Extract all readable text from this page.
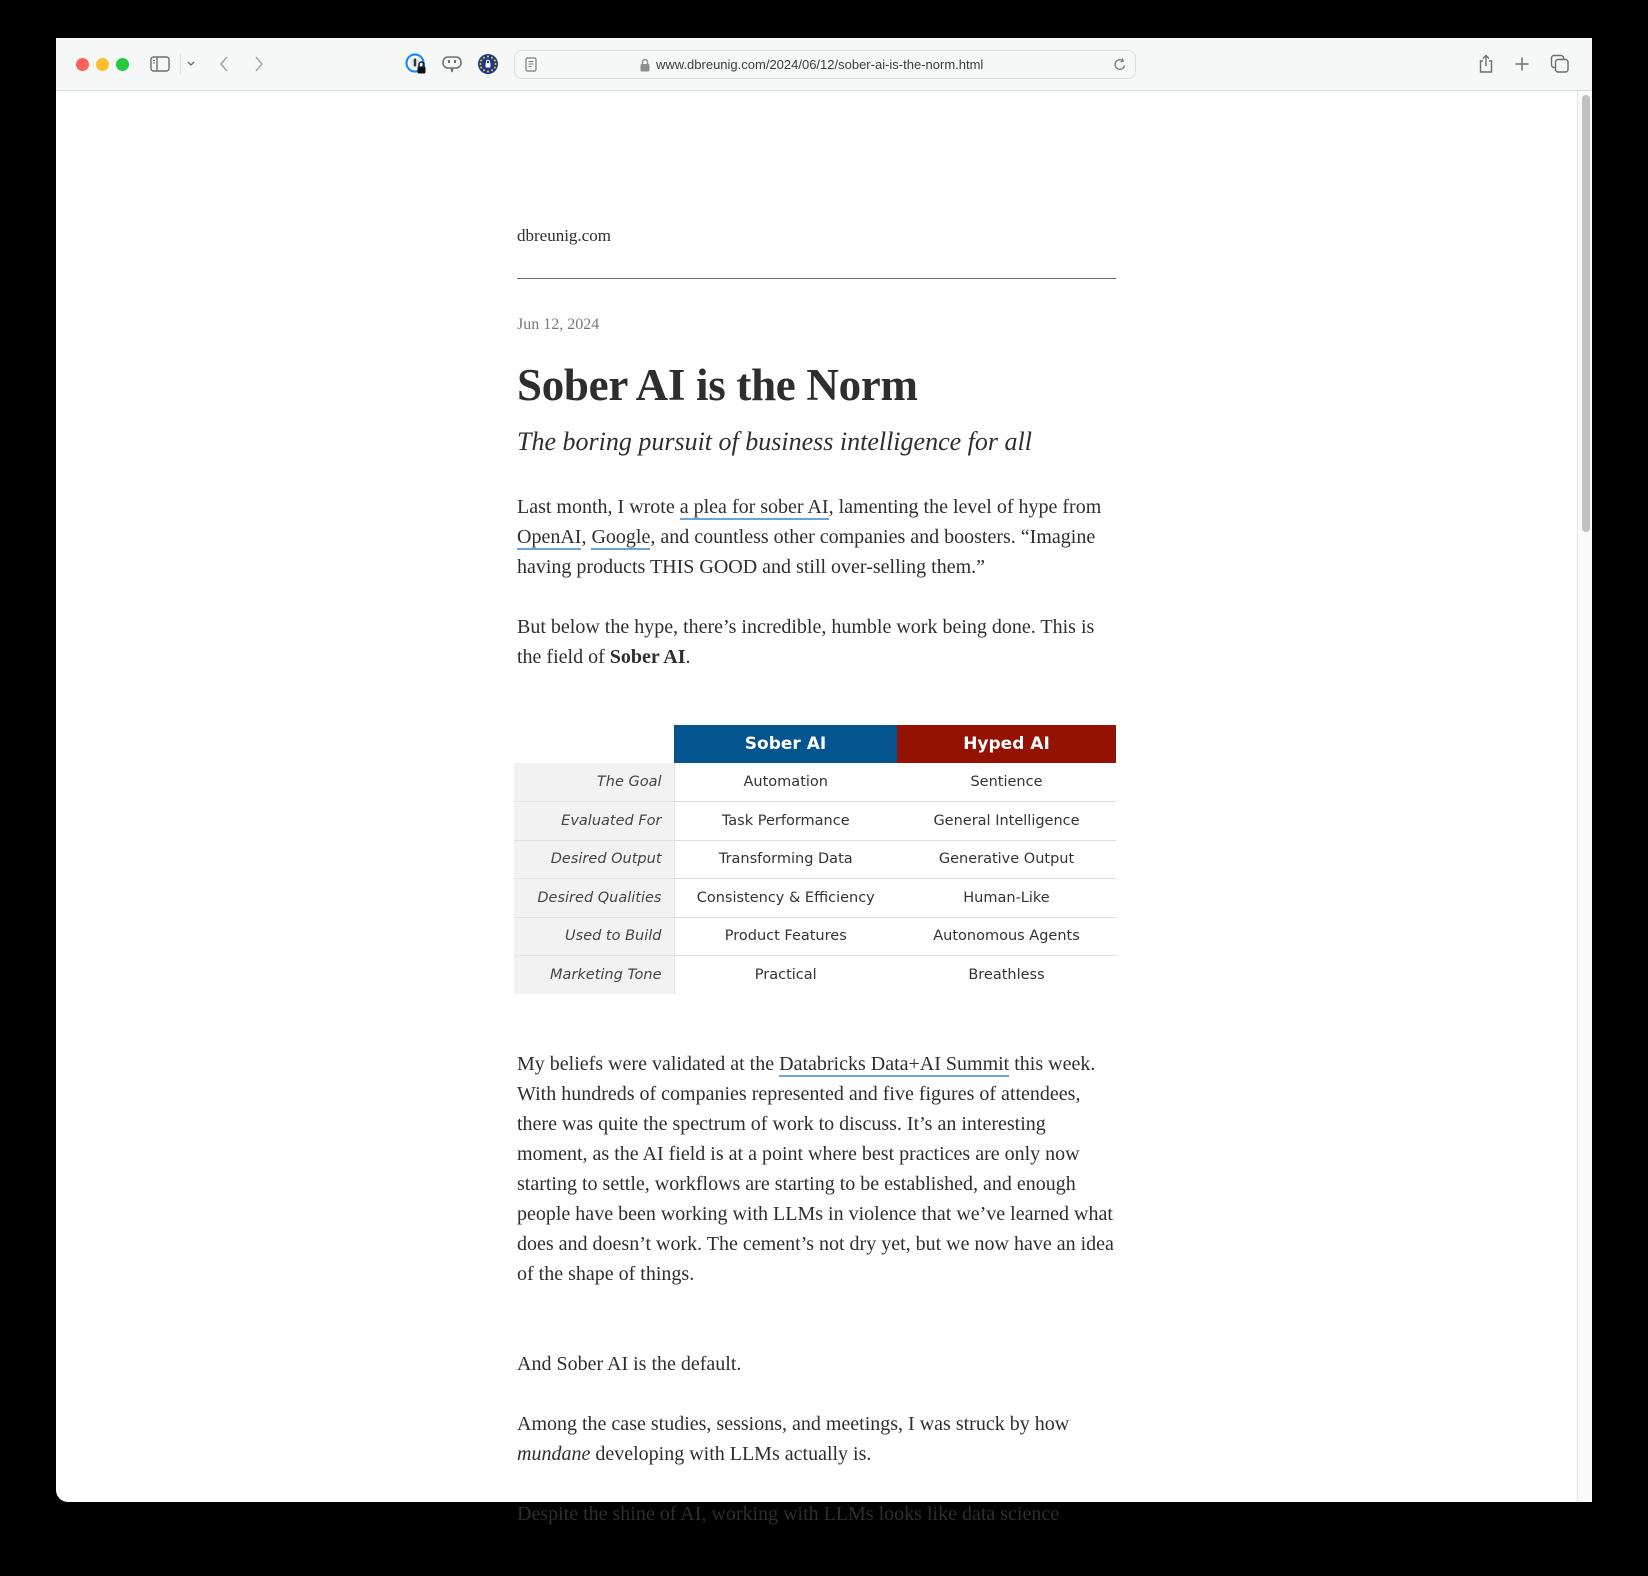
www.dbreunig.com/2024/06/12/sober-ai-is-the-norm.html
dbreunig.com
Jun 12, 2024
Sober AI is the Norm
The boring pursuit of business intelligence for all

Last month, I wrote a plea for sober AI, lamenting the level of hype from OpenAI, Google, and countless other companies and boosters. “Imagine having products THIS GOOD and still over-selling them.”

But below the hype, there’s incredible, humble work being done. This is the field of Sober AI.

	Sober AI	Hyped AI
The Goal	Automation	Sentience
Evaluated For	Task Performance	General Intelligence
Desired Output	Transforming Data	Generative Output
Desired Qualities	Consistency & Efficiency	Human-Like
Used to Build	Product Features	Autonomous Agents
Marketing Tone	Practical	Breathless

My beliefs were validated at the Databricks Data+AI Summit this week. With hundreds of companies represented and five figures of attendees, there was quite the spectrum of work to discuss. It’s an interesting moment, as the AI field is at a point where best practices are only now starting to settle, workflows are starting to be established, and enough people have been working with LLMs in violence that we’ve learned what does and doesn’t work. The cement’s not dry yet, but we now have an idea of the shape of things.

And Sober AI is the default.

Among the case studies, sessions, and meetings, I was struck by how mundane developing with LLMs actually is.

Despite the shine of AI, working with LLMs looks like data science
